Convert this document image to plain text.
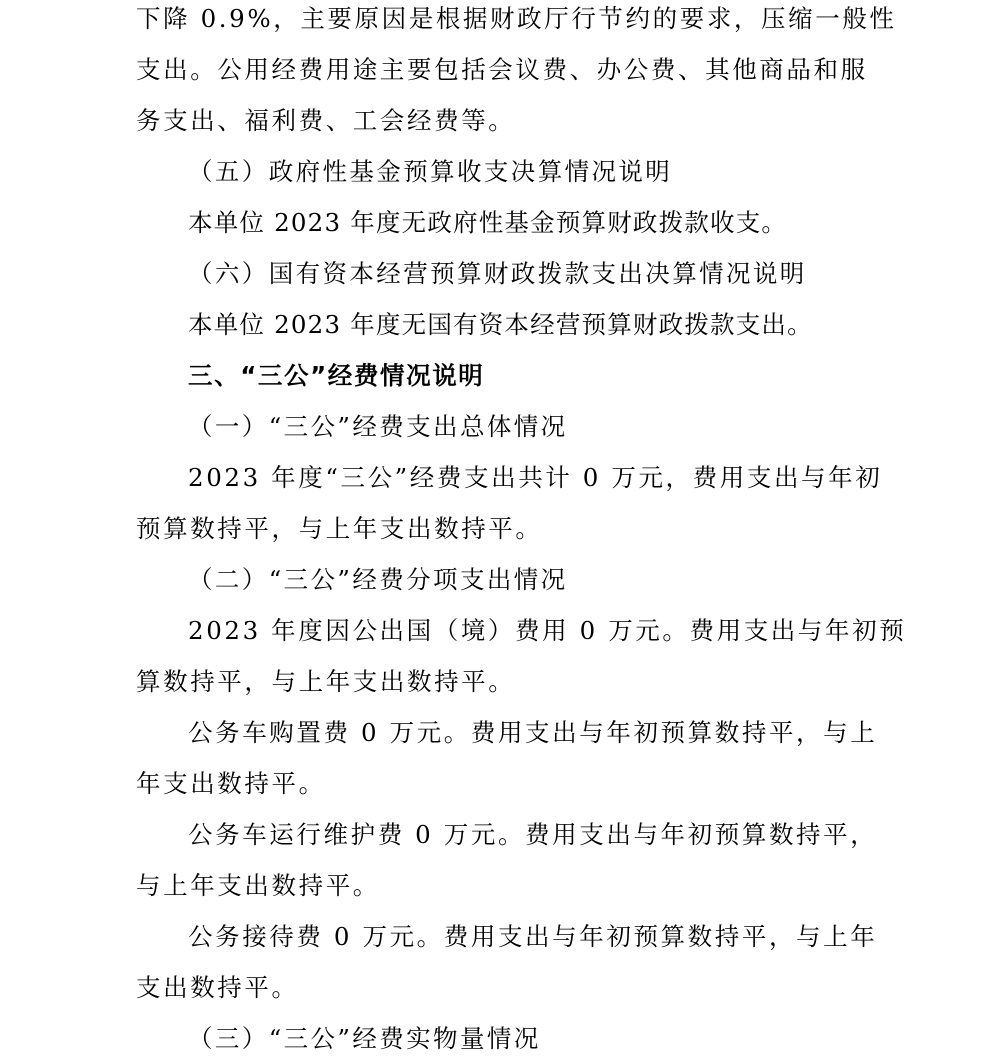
下降 0.9%，主要原因是根据财政厅行节约的要求，压缩一般性
支出。公用经费用途主要包括会议费、办公费、其他商品和服
务支出、福利费、工会经费等。
（五）政府性基金预算收支决算情况说明
本单位 2023 年度无政府性基金预算财政拨款收支。
（六）国有资本经营预算财政拨款支出决算情况说明
本单位 2023 年度无国有资本经营预算财政拨款支出。
三、“三公”经费情况说明
（一）“三公”经费支出总体情况
2023 年度“三公”经费支出共计 0 万元，费用支出与年初
预算数持平，与上年支出数持平。
（二）“三公”经费分项支出情况
2023 年度因公出国（境）费用 0 万元。费用支出与年初预
算数持平，与上年支出数持平。
公务车购置费 0 万元。费用支出与年初预算数持平，与上
年支出数持平。
公务车运行维护费 0 万元。费用支出与年初预算数持平，
与上年支出数持平。
公务接待费 0 万元。费用支出与年初预算数持平，与上年
支出数持平。
（三）“三公”经费实物量情况
